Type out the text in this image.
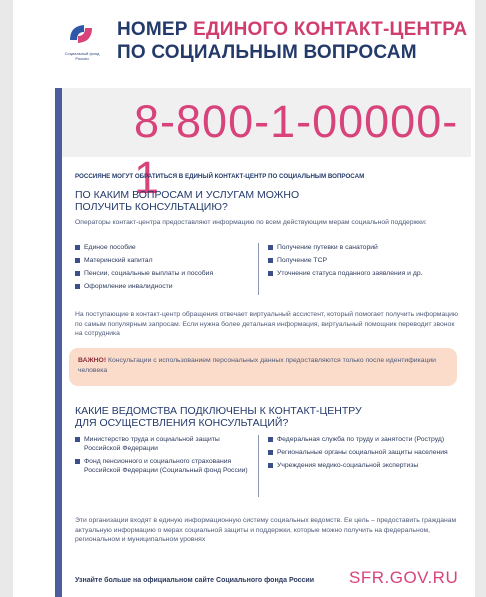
Социальный фонд России
НОМЕР ЕДИНОГО КОНТАКТ-ЦЕНТРА
ПО СОЦИАЛЬНЫМ ВОПРОСАМ
8-800-1-00000-1
РОССИЯНЕ МОГУТ ОБРАТИТЬСЯ В ЕДИНЫЙ КОНТАКТ-ЦЕНТР ПО СОЦИАЛЬНЫМ ВОПРОСАМ
ПО КАКИМ ВОПРОСАМ И УСЛУГАМ МОЖНО
ПОЛУЧИТЬ КОНСУЛЬТАЦИЮ?
Операторы контакт-центра предоставляют информацию по всем действующим мерам социальной поддержки:
Единое пособие
Материнский капитал
Пенсии, социальные выплаты и пособия
Оформление инвалидности
Получение путевки в санаторий
Получение ТСР
Уточнение статуса поданного заявления и др.
На поступающие в контакт-центр обращения отвечает виртуальный ассистент, который помогает получить информацию по самым популярным запросам. Если нужна более детальная информация, виртуальный помощник переводит звонок на сотрудника
ВАЖНО! Консультации с использованием персональных данных предоставляются только после идентификации человека
КАКИЕ ВЕДОМСТВА ПОДКЛЮЧЕНЫ К КОНТАКТ-ЦЕНТРУ
ДЛЯ ОСУЩЕСТВЛЕНИЯ КОНСУЛЬТАЦИЙ?
Министерство труда и социальной защиты Российской Федерации
Фонд пенсионного и социального страхования Российской Федерации (Социальный фонд России)
Федеральная служба по труду и занятости (Роструд)
Региональные органы социальной защиты населения
Учреждения медико-социальной экспертизы
Эти организации входят в единую информационную систему социальных ведомств. Ее цель – предоставить гражданам актуальную информацию о мерах социальной защиты и поддержки, которые можно получить на федеральном, региональном и муниципальном уровнях
Узнайте больше на официальном сайте Социального фонда России SFR.GOV.RU
